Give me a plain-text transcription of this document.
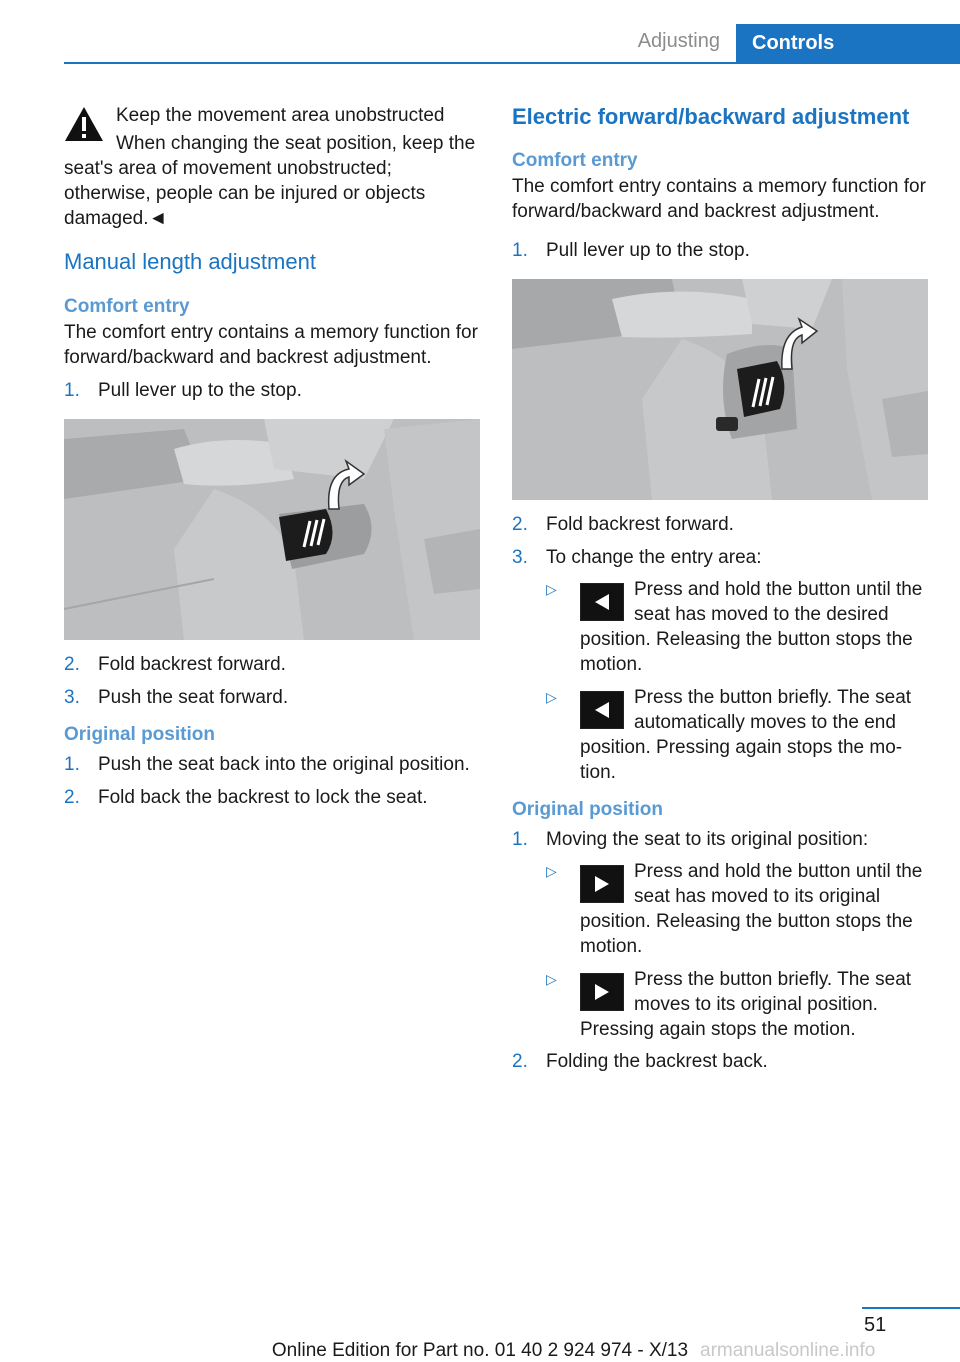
Adjusting	Controls
Keep the movement area unobstructed

When changing the seat position, keep the seat's area of movement unobstructed; otherwise, people can be injured or objects damaged.◄

Manual length adjustment
Comfort entry

The comfort entry contains a memory function for forward/backward and backrest adjustment.

1. Pull lever up to the stop.
2. Fold backrest forward.
3. Push the seat forward.
Original position
1. Push the seat back into the original position.
2. Fold back the backrest to lock the seat.
Electric forward/backward adjustment
Comfort entry

The comfort entry contains a memory function for forward/backward and backrest adjustment.

1. Pull lever up to the stop.
2. Fold backrest forward.
3. To change the entry area:
▷	Press and hold the button until the seat has moved to the desired position. Releasing the button stops the motion.
▷	Press the button briefly. The seat automatically moves to the end position. Pressing again stops the motion.
Original position
1. Moving the seat to its original position:
▷	Press and hold the button until the seat has moved to its original position. Releasing the button stops the motion.
▷	Press the button briefly. The seat moves to its original position. Pressing again stops the motion.
2. Folding the backrest back.
51
Online Edition for Part no. 01 40 2 924 974 - X/13 armanualsonline.info
